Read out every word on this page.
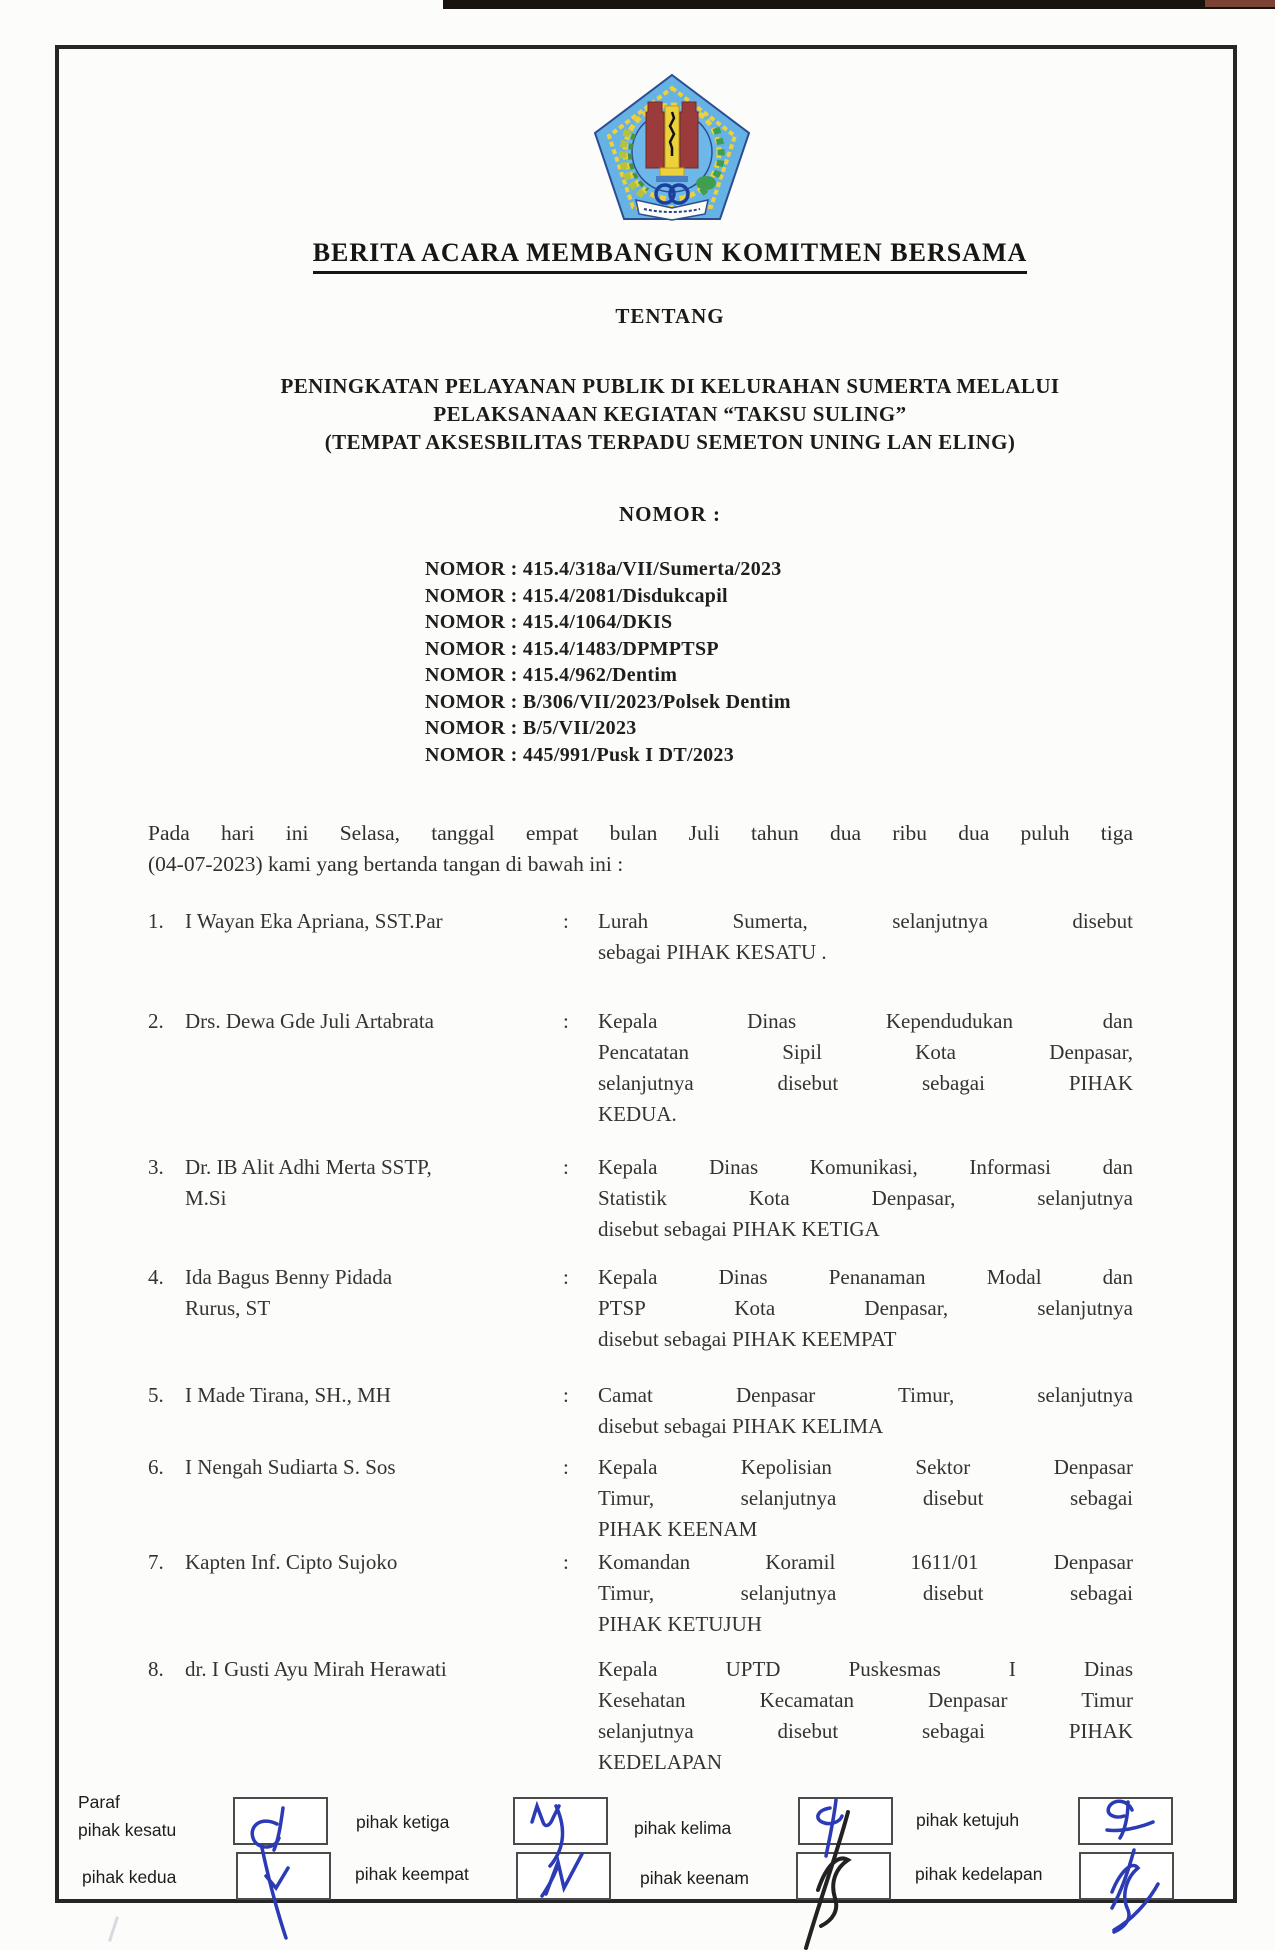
BERITA ACARA MEMBANGUN KOMITMEN BERSAMA
TENTANG
PENINGKATAN PELAYANAN PUBLIK DI KELURAHAN SUMERTA MELALUI
PELAKSANAAN KEGIATAN “TAKSU SULING”
(TEMPAT AKSESBILITAS TERPADU SEMETON UNING LAN ELING)
NOMOR :
NOMOR : 415.4/318a/VII/Sumerta/2023
NOMOR : 415.4/2081/Disdukcapil
NOMOR : 415.4/1064/DKIS
NOMOR : 415.4/1483/DPMPTSP
NOMOR : 415.4/962/Dentim
NOMOR : B/306/VII/2023/Polsek Dentim
NOMOR : B/5/VII/2023
NOMOR : 445/991/Pusk I DT/2023
Pada hari ini Selasa, tanggal empat bulan Juli tahun dua ribu dua puluh tiga
(04-07-2023) kami yang bertanda tangan di bawah ini :
1.	I Wayan Eka Apriana, SST.Par	:	Lurah Sumerta, selanjutnya disebut
sebagai PIHAK KESATU .
2.	Drs. Dewa Gde Juli Artabrata	:	Kepala Dinas Kependudukan dan
Pencatatan Sipil Kota Denpasar,
selanjutnya disebut sebagai PIHAK
KEDUA.
3.	Dr. IB Alit Adhi Merta SSTP, M.Si
:	Kepala Dinas Komunikasi, Informasi dan
Statistik Kota Denpasar, selanjutnya
disebut sebagai PIHAK KETIGA
4.	Ida Bagus Benny Pidada Rurus, ST
:	Kepala Dinas Penanaman Modal dan
PTSP Kota Denpasar, selanjutnya
disebut sebagai PIHAK KEEMPAT
5.	I Made Tirana, SH., MH	:	Camat Denpasar Timur, selanjutnya
disebut sebagai PIHAK KELIMA
6.	I Nengah Sudiarta S. Sos	:	Kepala Kepolisian Sektor Denpasar
Timur, selanjutnya disebut sebagai
PIHAK KEENAM
7.	Kapten Inf. Cipto Sujoko	:	Komandan Koramil 1611/01 Denpasar
Timur, selanjutnya disebut sebagai
PIHAK KETUJUH
8.	dr. I Gusti Ayu Mirah Herawati	Kepala UPTD Puskesmas I Dinas
Kesehatan Kecamatan Denpasar Timur
selanjutnya disebut sebagai PIHAK
KEDELAPAN
Paraf
pihak kesatu
pihak kedua
pihak ketiga
pihak keempat
pihak kelima
pihak keenam
pihak ketujuh
pihak kedelapan
